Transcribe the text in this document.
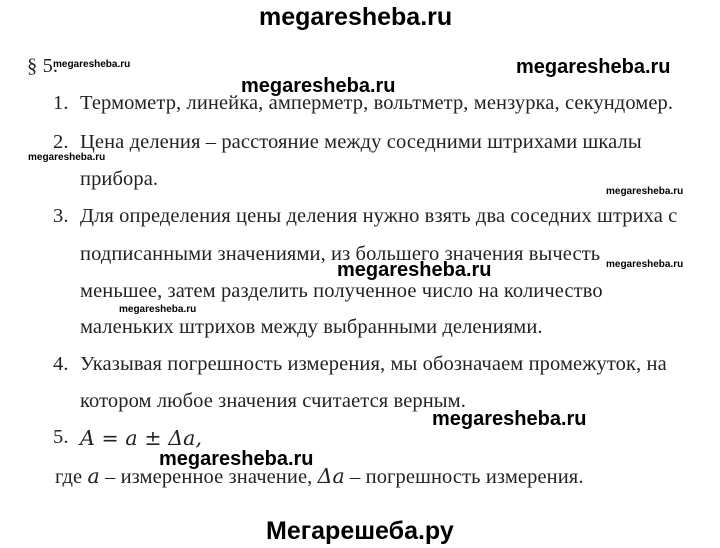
megaresheba.ru
§ 5.
1. Термометр, линейка, амперметр, вольтметр, мензурка, секундомер.
2. Цена деления – расстояние между соседними штрихами шкалы
прибора.
3. Для определения цены деления нужно взять два соседних штриха с
подписанными значениями, из большего значения вычесть
меньшее, затем разделить полученное число на количество
маленьких штрихов между выбранными делениями.
4. Указывая погрешность измерения, мы обозначаем промежуток, на
котором любое значения считается верным.
5. A = a ± Δa,
где a – измеренное значение, Δa – погрешность измерения.
megaresheba.ru
megaresheba.ru
megaresheba.ru
megaresheba.ru
megaresheba.ru
megaresheba.ru
megaresheba.ru
megaresheba.ru
megaresheba.ru
megaresheba.ru
Мегарешеба.ру
